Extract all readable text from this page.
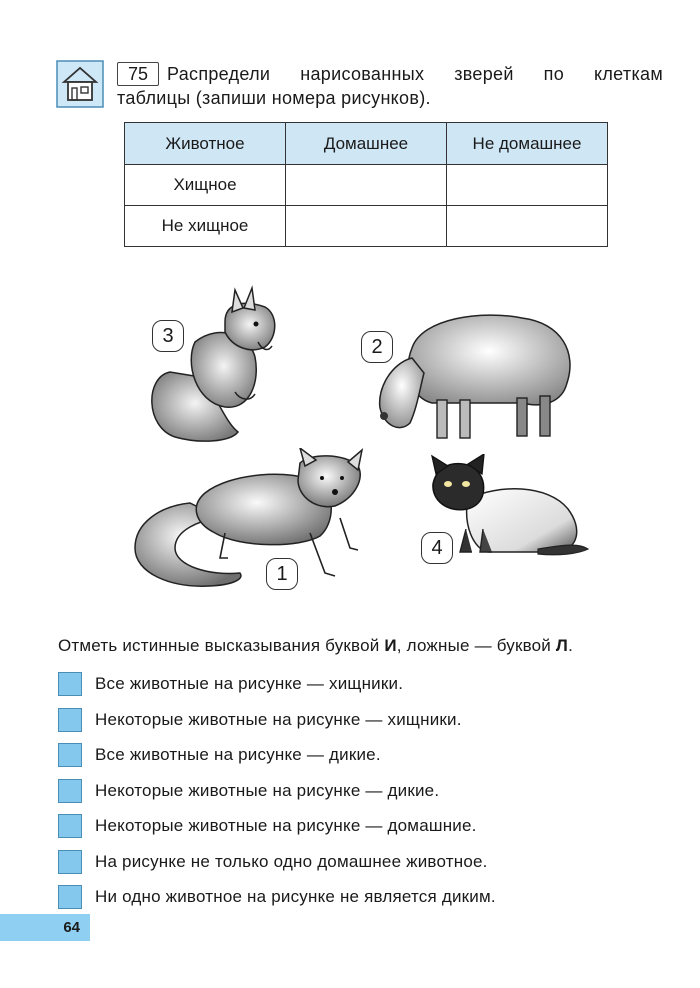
75	Распредели нарисованных зверей по клеткам
таблицы (запиши номера рисунков).
Животное	Домашнее	Не домашнее
Хищное		
Не хищное		
3	2
1
4
Отметь истинные высказывания буквой И, ложные — буквой Л.
Все животные на рисунке — хищники.
Некоторые животные на рисунке — хищники.
Все животные на рисунке — дикие.
Некоторые животные на рисунке — дикие.
Некоторые животные на рисунке — домашние.
На рисунке не только одно домашнее животное.
Ни одно животное на рисунке не является диким.
64
